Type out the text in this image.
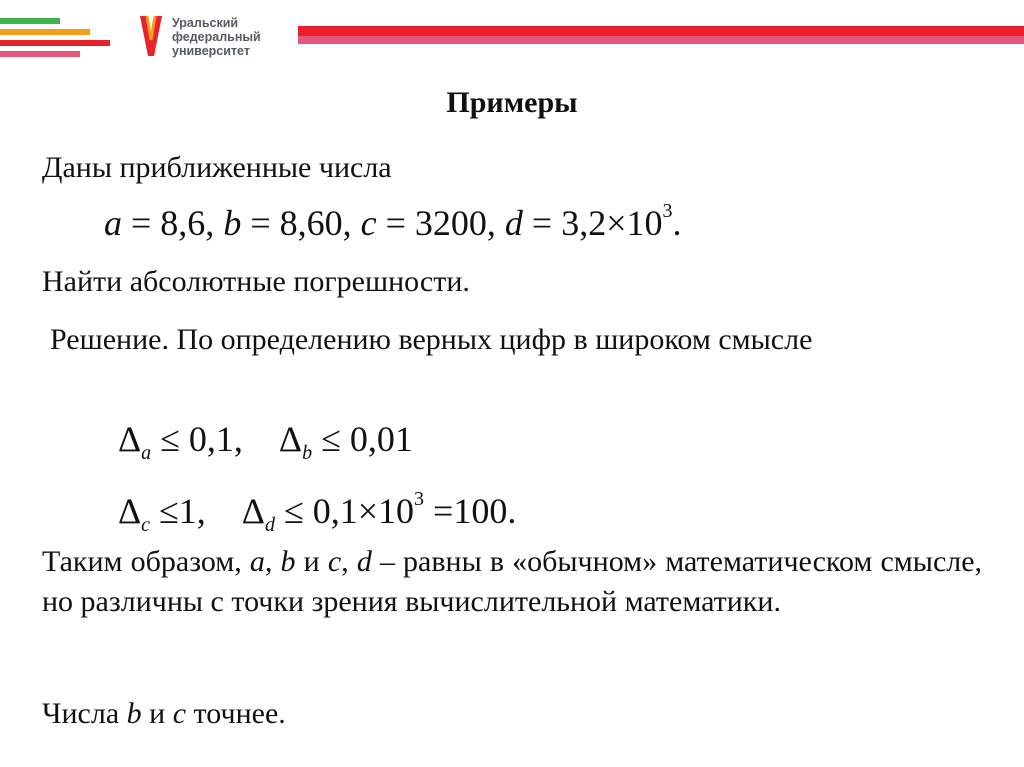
Уральский
федеральный
университет
Примеры
Даны приближенные числа
a = 8,6, b = 8,60, c = 3200, $d = 3,2\times 10^3$.
Найти абсолютные погрешности.
Решение. По определению верных цифр в широком смысле
$\Delta_a \le 0,1$,    $\Delta_b \le 0,01$
$\Delta_c \le 1$,    $\Delta_d \le 0,1\times 10^3 =100$.
Таким образом, a, b и c, d – равны в «обычном» математическом смысле, но различны с точки зрения вычислительной математики.
Числа b и c точнее.
